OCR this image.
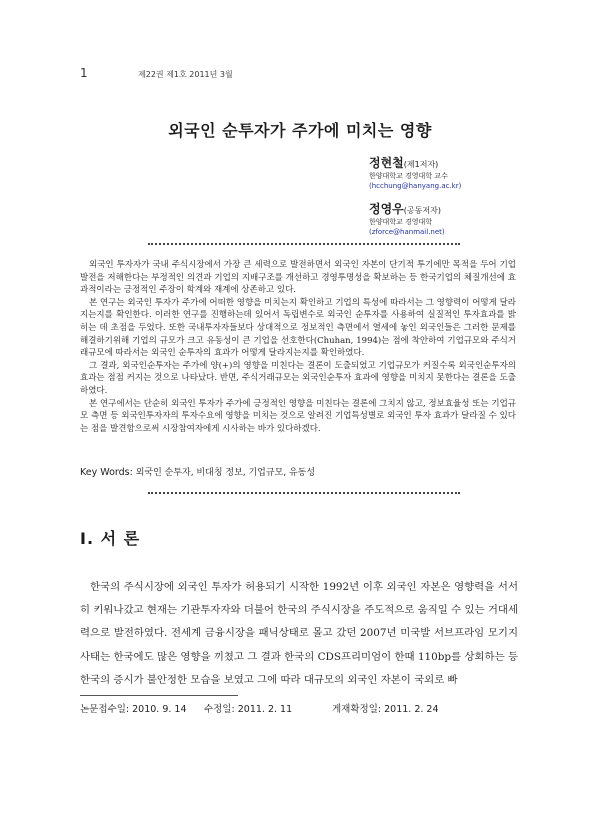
1	제22권 제1호 2011년 3월
외국인 순투자가 주가에 미치는 영향
정현철(제1저자)
한양대학교 경영대학 교수
(hcchung@hanyang.ac.kr)
정영우(공동저자)
한양대학교 경영대학
(zforce@hanmail.net)

외국인 투자자가 국내 주식시장에서 가장 큰 세력으로 발전하면서 외국인 자본이 단기적 투기에만 목적을 두어 기업발전을 저해한다는 부정적인 의견과 기업의 지배구조를 개선하고 경영투명성을 확보하는 등 한국기업의 체질개선에 효과적이라는 긍정적인 주장이 학계와 재계에 상존하고 있다.

본 연구는 외국인 투자가 주가에 어떠한 영향을 미치는지 확인하고 기업의 특성에 따라서는 그 영향력이 어떻게 달라지는지를 확인한다. 이러한 연구를 진행하는데 있어서 독립변수로 외국인 순투자를 사용하여 실질적인 투자효과를 밝히는 데 초점을 두었다. 또한 국내투자자들보다 상대적으로 정보적인 측면에서 열세에 놓인 외국인들은 그러한 문제를 해결하기위해 기업의 규모가 크고 유동성이 큰 기업을 선호한다(Chuhan, 1994)는 점에 착안하여 기업규모와 주식거래규모에 따라서는 외국인 순투자의 효과가 어떻게 달라지는지를 확인하였다.

그 결과, 외국인순투자는 주가에 양(+)의 영향을 미친다는 결론이 도출되었고 기업규모가 커질수록 외국인순투자의 효과는 점점 커지는 것으로 나타났다. 반면, 주식거래규모는 외국인순투자 효과에 영향을 미치지 못한다는 결론을 도출하였다.

본 연구에서는 단순히 외국인 투자가 주가에 긍정적인 영향을 미친다는 결론에 그치지 않고, 정보효율성 또는 기업규모 측면 등 외국인투자자의 투자수요에 영향을 미치는 것으로 알려진 기업특성별로 외국인 투자 효과가 달라질 수 있다는 점을 발견함으로써 시장참여자에게 시사하는 바가 있다하겠다.

Key Words: 외국인 순투자, 비대칭 정보, 기업규모, 유동성
Ⅰ. 서 론

한국의 주식시장에 외국인 투자가 허용되기 시작한 1992년 이후 외국인 자본은 영향력을 서서히 키워나갔고 현재는 기관투자자와 더불어 한국의 주식시장을 주도적으로 움직일 수 있는 거대세력으로 발전하였다. 전세계 금융시장을 패닉상태로 몰고 갔던 2007년 미국발 서브프라임 모기지 사태는 한국에도 많은 영향을 끼쳤고 그 결과 한국의 CDS프리미엄이 한때 110bp를 상회하는 등 한국의 증시가 불안정한 모습을 보였고 그에 따라 대규모의 외국인 자본이 국외로 빠

논문접수일: 2010. 9. 14 수정일: 2011. 2. 11	게재확정일: 2011. 2. 24
